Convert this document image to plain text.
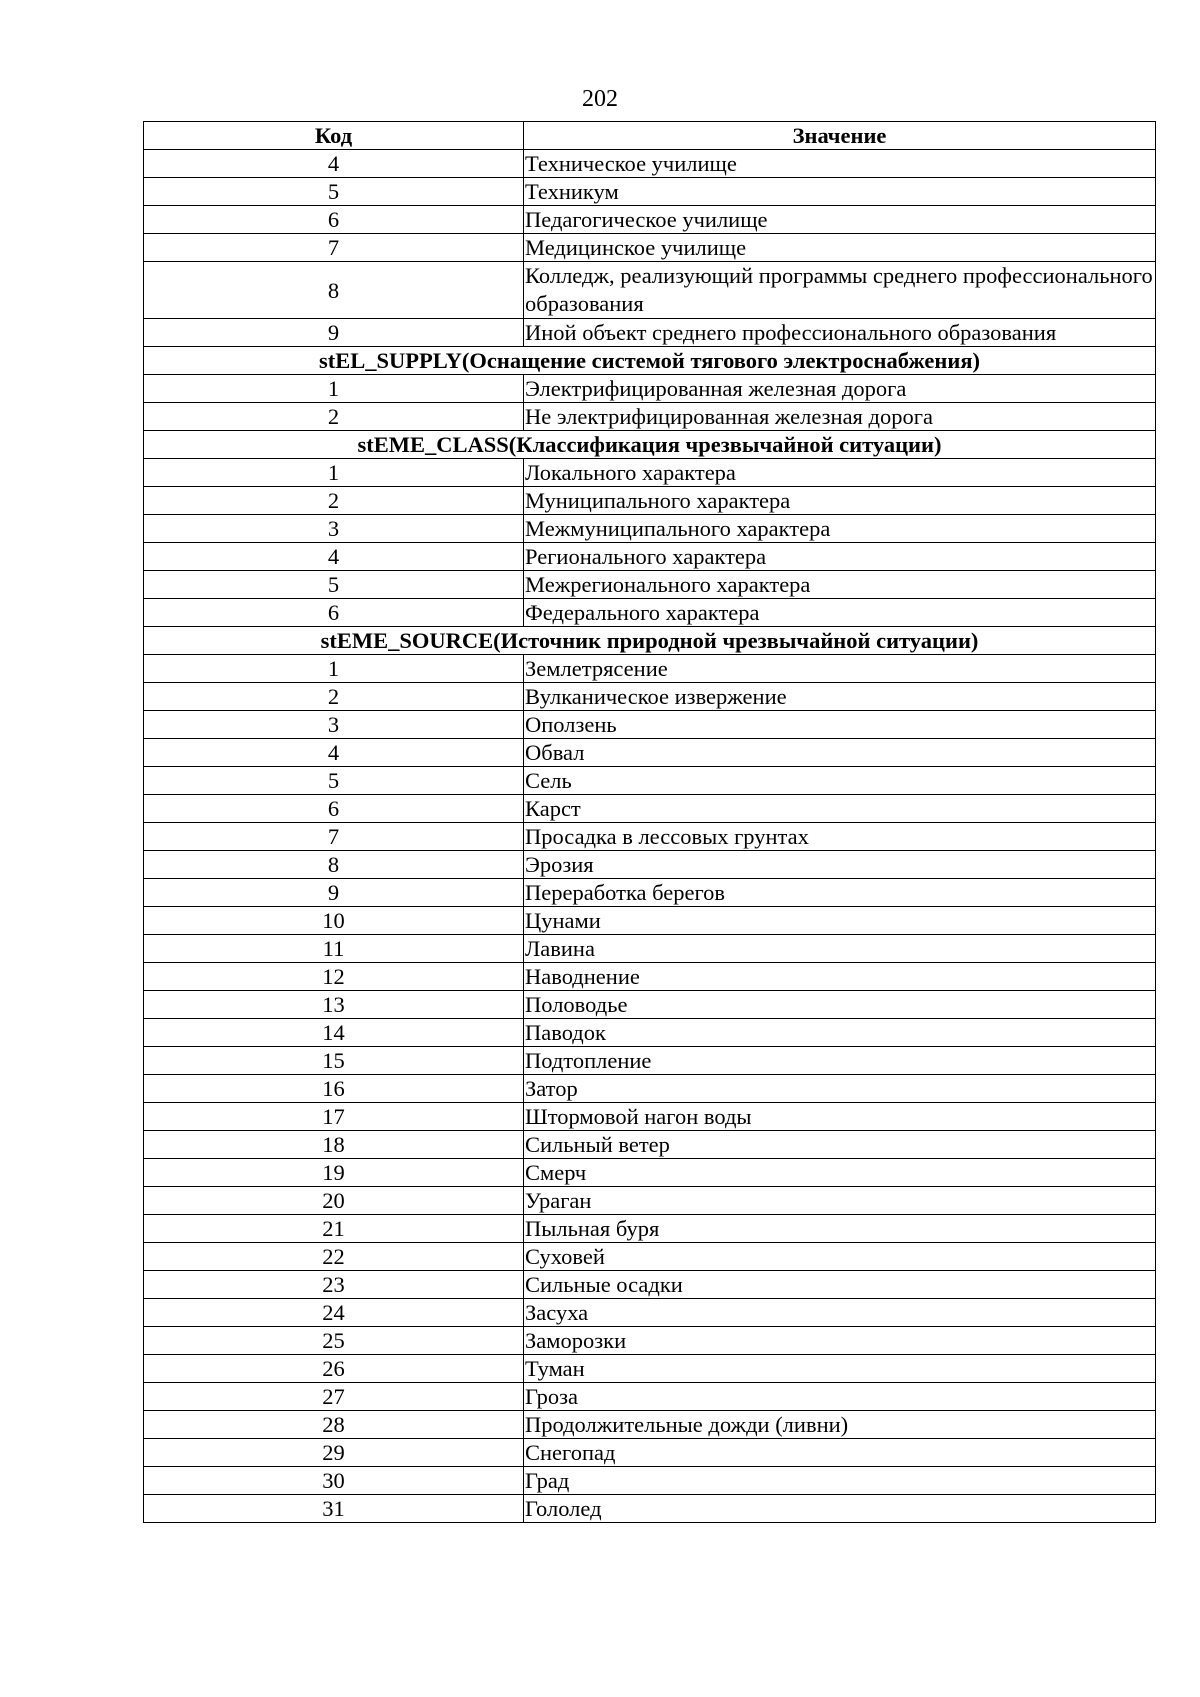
202
Код	Значение
4	Техническое училище
5	Техникум
6	Педагогическое училище
7	Медицинское училище
8	Колледж, реализующий программы среднего профессионального образования
9	Иной объект среднего профессионального образования
stEL_SUPPLY(Оснащение системой тягового электроснабжения)	
1	Электрифицированная железная дорога
2	Не электрифицированная железная дорога
stEME_CLASS(Классификация чрезвычайной ситуации)	
1	Локального характера
2	Муниципального характера
3	Межмуниципального характера
4	Регионального характера
5	Межрегионального характера
6	Федерального характера
stEME_SOURCE(Источник природной чрезвычайной ситуации)	
1	Землетрясение
2	Вулканическое извержение
3	Оползень
4	Обвал
5	Сель
6	Карст
7	Просадка в лессовых грунтах
8	Эрозия
9	Переработка берегов
10	Цунами
11	Лавина
12	Наводнение
13	Половодье
14	Паводок
15	Подтопление
16	Затор
17	Штормовой нагон воды
18	Сильный ветер
19	Смерч
20	Ураган
21	Пыльная буря
22	Суховей
23	Сильные осадки
24	Засуха
25	Заморозки
26	Туман
27	Гроза
28	Продолжительные дожди (ливни)
29	Снегопад
30	Град
31	Гололед
